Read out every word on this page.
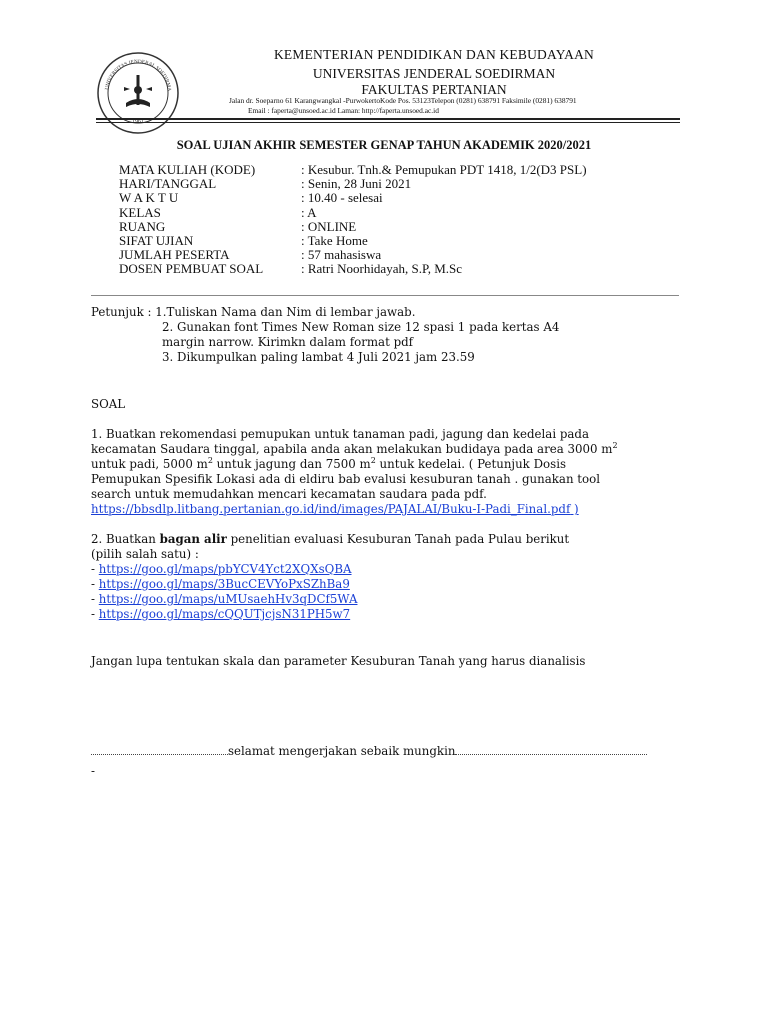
UNIVERSITAS JENDERAL SOEDIRMA
1961
KEMENTERIAN PENDIDIKAN DAN KEBUDAYAAN
UNIVERSITAS JENDERAL SOEDIRMAN
FAKULTAS PERTANIAN
Jalan dr. Soeparno 61 Karangwangkal -PurwokertoKode Pos. 53123Telepon (0281) 638791 Faksimile (0281) 638791
Email : faperta@unsoed.ac.id Laman: http://faperta.unsoed.ac.id
SOAL UJIAN AKHIR SEMESTER GENAP TAHUN AKADEMIK 2020/2021
MATA KULIAH (KODE)	: Kesubur. Tnh.& Pemupukan PDT 1418, 1/2(D3 PSL)
HARI/TANGGAL	: Senin, 28 Juni 2021
W A K T U	: 10.40 - selesai
KELAS	: A
RUANG	: ONLINE
SIFAT UJIAN	: Take Home
JUMLAH PESERTA	: 57 mahasiswa
DOSEN PEMBUAT SOAL	: Ratri Noorhidayah, S.P, M.Sc
Petunjuk : 1.Tuliskan Nama dan Nim di lembar jawab.
2. Gunakan font Times New Roman size 12 spasi 1 pada kertas A4
margin narrow. Kirimkn dalam format pdf
3. Dikumpulkan paling lambat 4 Juli 2021 jam 23.59
SOAL
1. Buatkan rekomendasi pemupukan untuk tanaman padi, jagung dan kedelai pada
kecamatan Saudara tinggal, apabila anda akan melakukan budidaya pada area 3000 $m^2$
untuk padi, 5000 $m^2$ untuk jagung dan 7500 $m^2$ untuk kedelai. ( Petunjuk Dosis
Pemupukan Spesifik Lokasi ada di eldiru bab evalusi kesuburan tanah . gunakan tool
search untuk memudahkan mencari kecamatan saudara pada pdf.
https://bbsdlp.litbang.pertanian.go.id/ind/images/PAJALAI/Buku-I-Padi_Final.pdf )
2. Buatkan bagan alir penelitian evaluasi Kesuburan Tanah pada Pulau berikut
(pilih salah satu) :
- https://goo.gl/maps/pbYCV4Yct2XQXsQBA
- https://goo.gl/maps/3BucCEVYoPxSZhBa9
- https://goo.gl/maps/uMUsaehHv3qDCf5WA
- https://goo.gl/maps/cQQUTjcjsN31PH5w7
Jangan lupa tentukan skala dan parameter Kesuburan Tanah yang harus dianalisis
selamat mengerjakan sebaik mungkin
-
